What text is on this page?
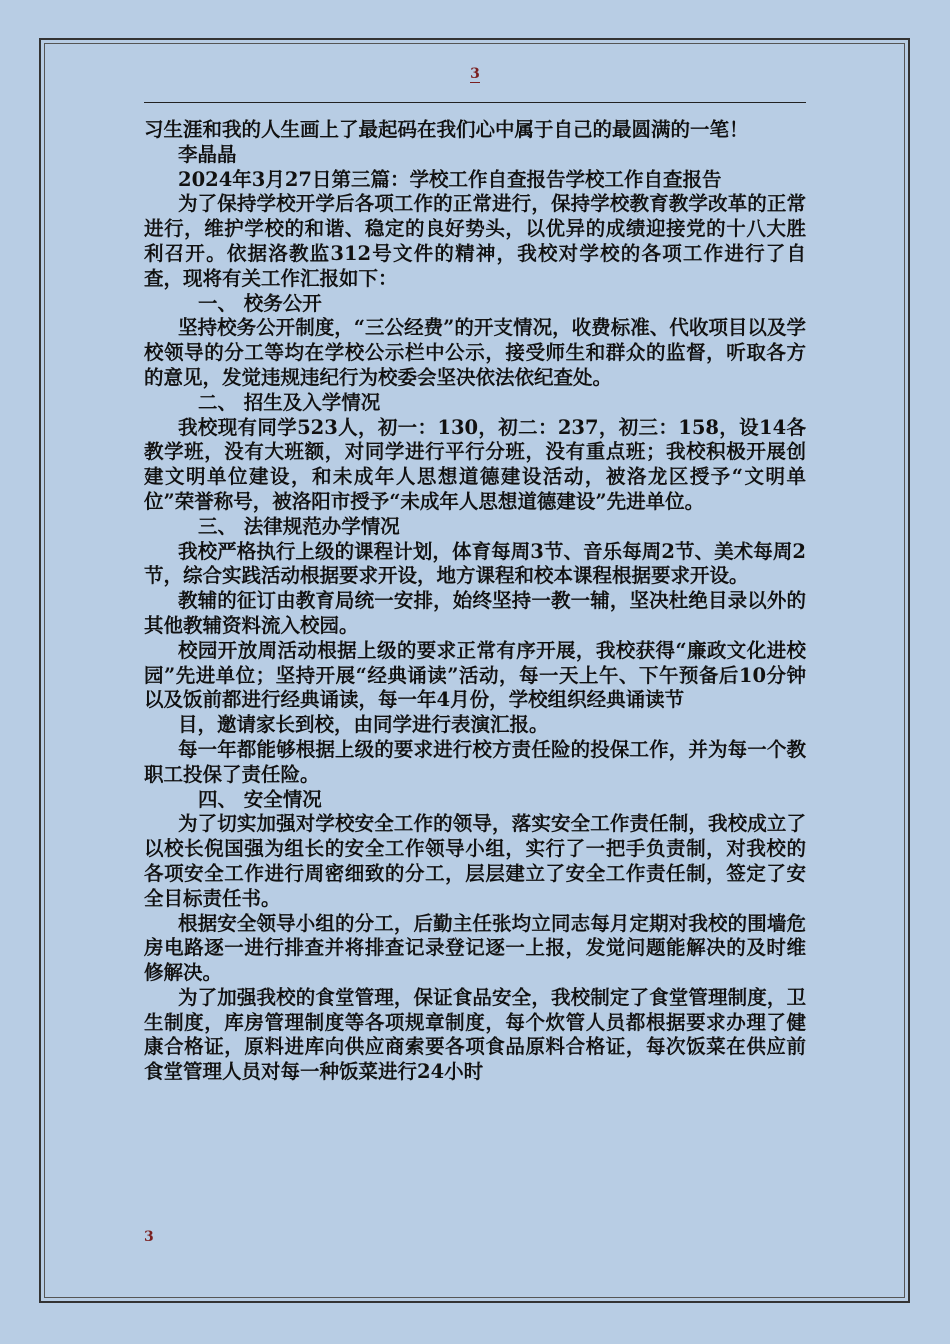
3

习生涯和我的人生画上了最起码在我们心中属于自己的最圆满的一笔！

李晶晶

2024年3月27日第三篇：学校工作自查报告学校工作自查报告

为了保持学校开学后各项工作的正常进行，保持学校教育教学改革的正常进行，维护学校的和谐、稳定的良好势头，以优异的成绩迎接党的十八大胜利召开。依据洛教监312号文件的精神，我校对学校的各项工作进行了自查，现将有关工作汇报如下：

一、 校务公开

坚持校务公开制度，“三公经费”的开支情况，收费标准、代收项目以及学校领导的分工等均在学校公示栏中公示，接受师生和群众的监督，听取各方的意见，发觉违规违纪行为校委会坚决依法依纪查处。

二、 招生及入学情况

我校现有同学523人，初一：130，初二：237，初三：158，设14各教学班，没有大班额，对同学进行平行分班，没有重点班；我校积极开展创建文明单位建设，和未成年人思想道德建设活动，被洛龙区授予“文明单位”荣誉称号，被洛阳市授予“未成年人思想道德建设”先进单位。

三、 法律规范办学情况

我校严格执行上级的课程计划，体育每周3节、音乐每周2节、美术每周2节，综合实践活动根据要求开设，地方课程和校本课程根据要求开设。

教辅的征订由教育局统一安排，始终坚持一教一辅，坚决杜绝目录以外的其他教辅资料流入校园。

校园开放周活动根据上级的要求正常有序开展，我校获得“廉政文化进校园”先进单位；坚持开展“经典诵读”活动，每一天上午、下午预备后10分钟以及饭前都进行经典诵读，每一年4月份，学校组织经典诵读节

目，邀请家长到校，由同学进行表演汇报。

每一年都能够根据上级的要求进行校方责任险的投保工作，并为每一个教职工投保了责任险。

四、 安全情况

为了切实加强对学校安全工作的领导，落实安全工作责任制，我校成立了以校长倪国强为组长的安全工作领导小组，实行了一把手负责制，对我校的各项安全工作进行周密细致的分工，层层建立了安全工作责任制，签定了安全目标责任书。

根据安全领导小组的分工，后勤主任张均立同志每月定期对我校的围墙危房电路逐一进行排查并将排查记录登记逐一上报，发觉问题能解决的及时维修解决。

为了加强我校的食堂管理，保证食品安全，我校制定了食堂管理制度，卫生制度，库房管理制度等各项规章制度，每个炊管人员都根据要求办理了健康合格证，原料进库向供应商索要各项食品原料合格证，每次饭菜在供应前食堂管理人员对每一种饭菜进行24小时

3
